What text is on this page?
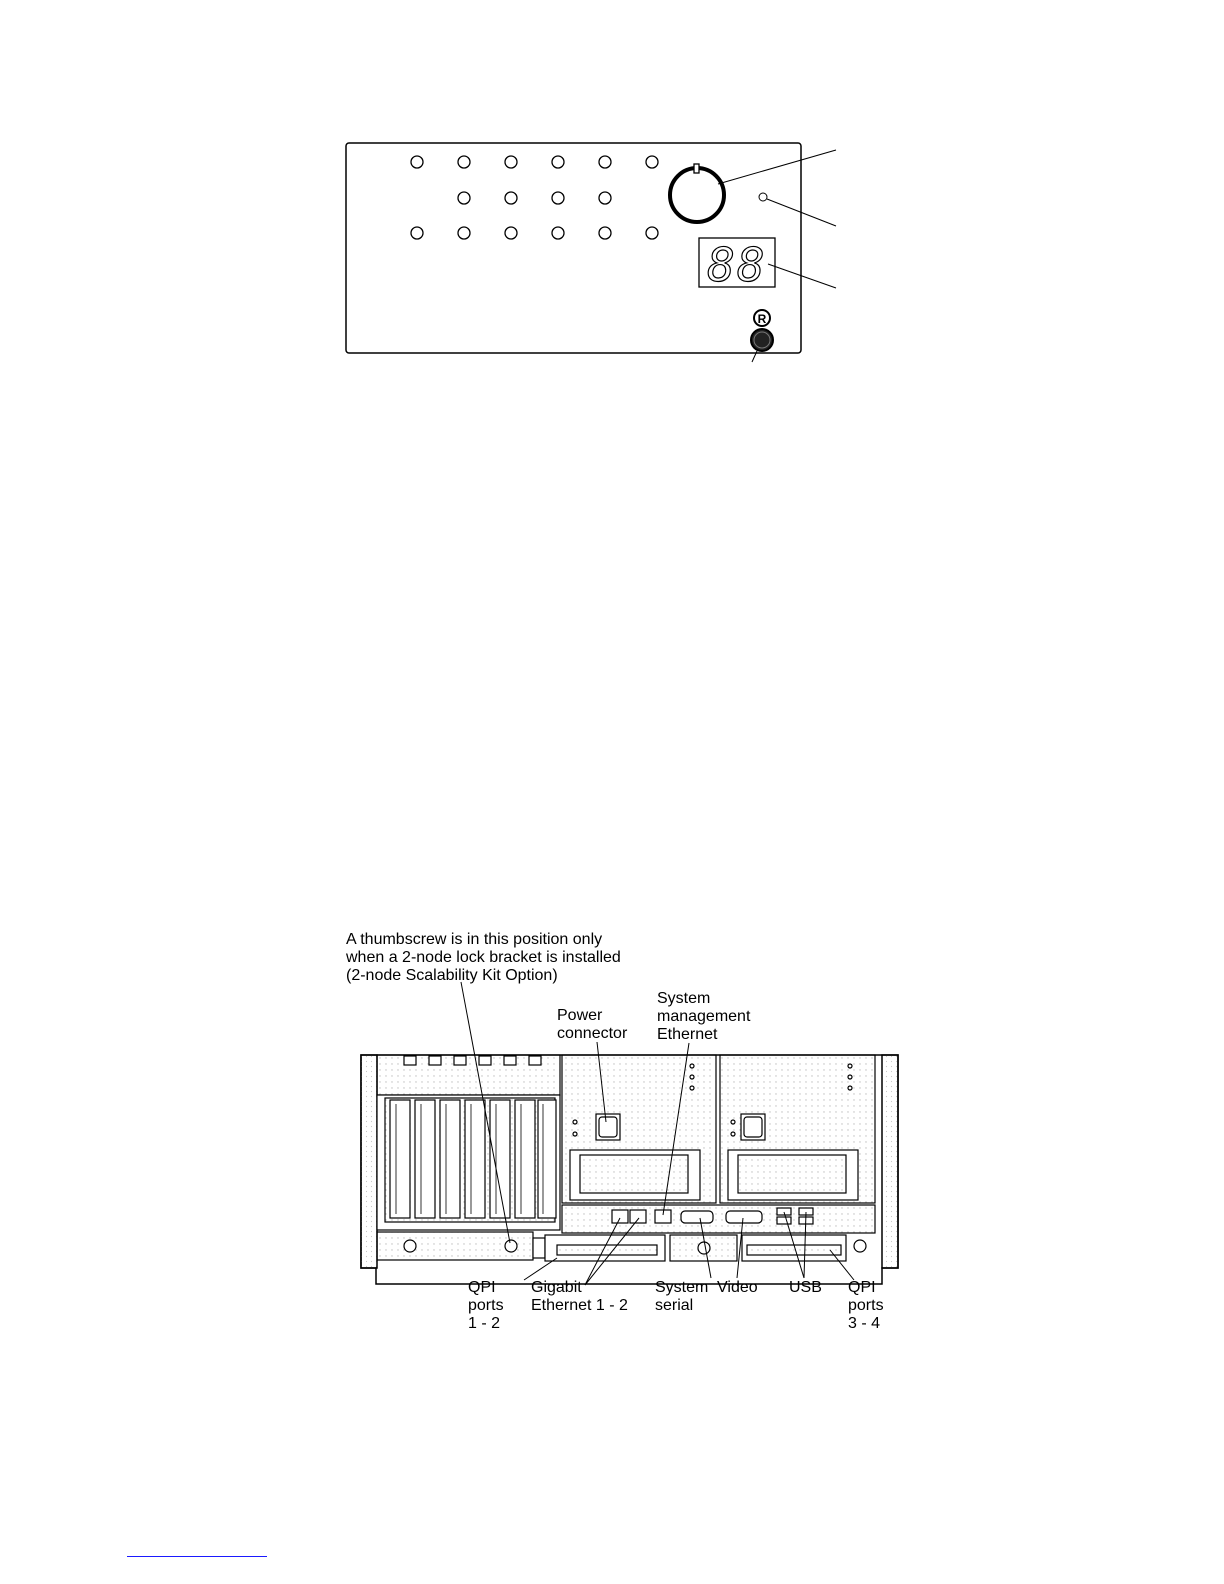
88
R
A thumbscrew is in this position only
when a 2-node lock bracket is installed
(2-node Scalability Kit Option)
Power
connector
System
management
Ethernet
QPI
ports
1 - 2
Gigabit
Ethernet 1 - 2
System
serial
Video USB QPI
ports
3 - 4
